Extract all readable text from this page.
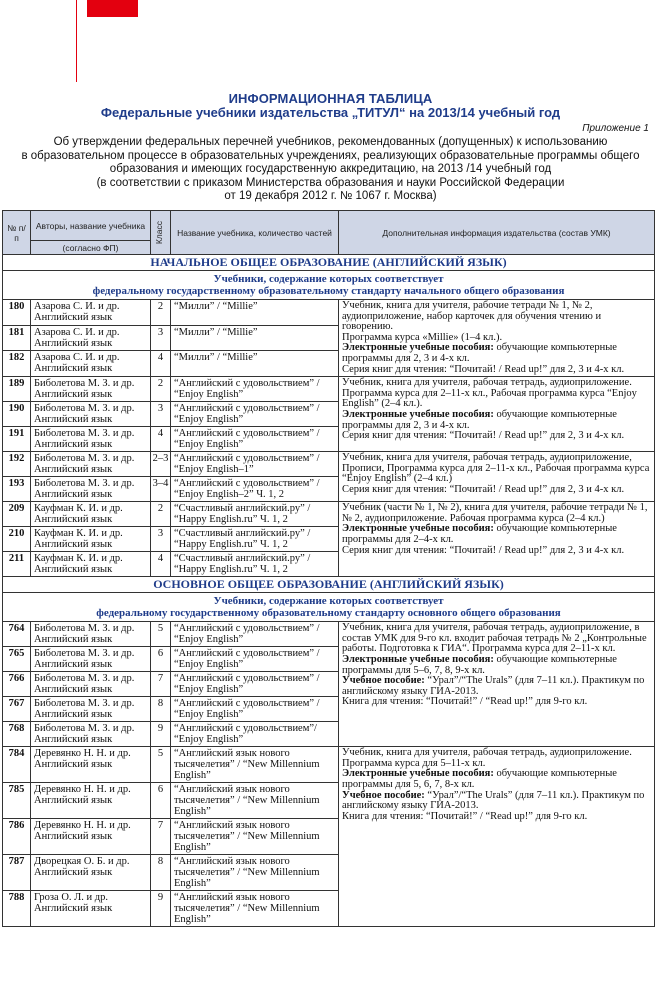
ИНФОРМАЦИОННАЯ ТАБЛИЦА
Федеральные учебники издательства „ТИТУЛ“ на 2013/14 учебный год
Приложение 1
Об утверждении федеральных перечней учебников, рекомендованных (допущенных) к использованию
в образовательном процессе в образовательных учреждениях, реализующих образовательные программы общего
образования и имеющих государственную аккредитацию, на 2013 /14 учебный год
(в соответствии с приказом Министерства образования и науки Российской Федерации
от 19 декабря 2012 г. № 1067 г. Москва)
№ п/п	Авторы, название учебника	Класс	Название учебника, количество частей	Дополнительная информация издательства (состав УМК)
	(согласно ФП)			
НАЧАЛЬНОЕ ОБЩЕЕ ОБРАЗОВАНИЕ (АНГЛИЙСКИЙ ЯЗЫК)				

Учебники, содержание которых соответствует
федеральному государственному образовательному стандарту начального общего образования				

180	Азарова С. И. и др. Английский язык	2	“Милли” / “Millie”	Учебник, книга для учителя, рабочие тетради № 1, № 2, аудиоприложение, набор карточек для обучения чтению и говорению.
Программа курса «Millie» (1–4 кл.).
Электронные учебные пособия: обучающие компьютерные программы для 2, 3 и 4-х кл.
Серия книг для чтения: “Почитай! / Read up!” для 2, 3 и 4-х кл.

181	Азарова С. И. и др. Английский язык	3	“Милли” / “Millie”	
182	Азарова С. И. и др. Английский язык	4	“Милли” / “Millie”	
189	Биболетова М. З. и др. Английский язык	2	“Английский с удовольствием” / “Enjoy English”	Учебник, книга для учителя, рабочая тетрадь, аудиоприложение. Программа курса для 2–11-х кл., Рабочая программа курса “Enjoy English” (2–4 кл.).
Электронные учебные пособия: обучающие компьютерные программы для 2, 3 и 4-х кл.
Серия книг для чтения: “Почитай! / Read up!” для 2, 3 и 4-х кл.

190	Биболетова М. З. и др. Английский язык	3	“Английский с удовольствием” / “Enjoy English”	
191	Биболетова М. З. и др. Английский язык	4	“Английский с удовольствием” / “Enjoy English”	
192	Биболетова М. З. и др. Английский язык	2–3	“Английский с удовольствием” / “Enjoy English–1”	Учебник, книга для учителя, рабочая тетрадь, аудиоприложение, Прописи, Программа курса для 2–11-х кл., Рабочая программа курса “Enjoy English” (2–4 кл.)
Серия книг для чтения: “Почитай! / Read up!” для 2, 3 и 4-х кл.

193	Биболетова М. З. и др. Английский язык	3–4	“Английский с удовольствием” / “Enjoy English–2” Ч. 1, 2	
209	Кауфман К. И. и др. Английский язык	2	“Счастливый английский.ру” / “Happy English.ru” Ч. 1, 2	Учебник (части № 1, № 2), книга для учителя, рабочие тетради № 1, № 2, аудиоприложение. Рабочая программа курса (2–4 кл.)
Электронные учебные пособия: обучающие компьютерные программы для 2–4-х кл.
Серия книг для чтения: “Почитай! / Read up!” для 2, 3 и 4-х кл.

210	Кауфман К. И. и др. Английский язык	3	“Счастливый английский.ру” / “Happy English.ru” Ч. 1, 2	
211	Кауфман К. И. и др. Английский язык	4	“Счастливый английский.ру” / “Happy English.ru” Ч. 1, 2	
ОСНОВНОЕ ОБЩЕЕ ОБРАЗОВАНИЕ (АНГЛИЙСКИЙ ЯЗЫК)				

Учебники, содержание которых соответствует
федеральному государственному образовательному стандарту основного общего образования				

764	Биболетова М. З. и др. Английский язык	5	“Английский с удовольствием” / “Enjoy English”	Учебник, книга для учителя, рабочая тетрадь, аудиоприложение, в состав УМК для 9-го кл. входит рабочая тетрадь № 2 „Контрольные работы. Подготовка к ГИА“. Программа курса для 2–11-х кл.
Электронные учебные пособия: обучающие компьютерные программы для 5–6, 7, 8, 9-х кл.
Учебное пособие: “Урал”/“The Urals” (для 7–11 кл.). Практикум по английскому языку ГИА-2013.
Книга для чтения: “Почитай!” / “Read up!” для 9-го кл.

765	Биболетова М. З. и др. Английский язык	6	“Английский с удовольствием” / “Enjoy English”	
766	Биболетова М. З. и др. Английский язык	7	“Английский с удовольствием” / “Enjoy English”	
767	Биболетова М. З. и др. Английский язык	8	“Английский с удовольствием” / “Enjoy English”	
768	Биболетова М. З. и др. Английский язык	9	“Английский с удовольствием”/ “Enjoy English”	
784	Деревянко Н. Н. и др. Английский язык	5	“Английский язык нового тысячелетия” / “New Millennium English”	Учебник, книга для учителя, рабочая тетрадь, аудиоприложение. Программа курса для 5–11-х кл.
Электронные учебные пособия: обучающие компьютерные программы для 5, 6, 7, 8-х кл.
Учебное пособие: “Урал”/“The Urals” (для 7–11 кл.). Практикум по английскому языку ГИА-2013.
Книга для чтения: “Почитай!” / “Read up!” для 9-го кл.

785	Деревянко Н. Н. и др. Английский язык	6	“Английский язык нового тысячелетия” / “New Millennium English”	
786	Деревянко Н. Н. и др. Английский язык	7	“Английский язык нового тысячелетия” / “New Millennium English”	
787	Дворецкая О. Б. и др. Английский язык	8	“Английский язык нового тысячелетия” / “New Millennium English”	
788	Гроза О. Л. и др. Английский язык	9	“Английский язык нового тысячелетия” / “New Millennium English”	
